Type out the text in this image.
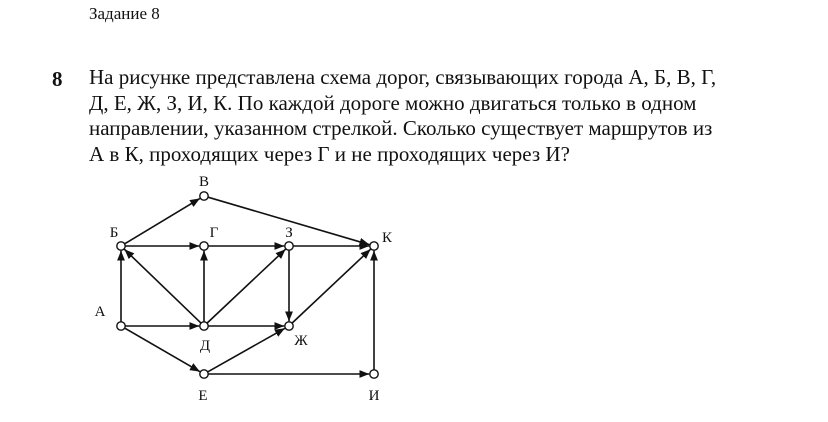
Задание 8
8 На рисунке представлена схема дорог, связывающих города А, Б, В, Г,
Д, Е, Ж, З, И, К. По каждой дороге можно двигаться только в одном
направлении, указанном стрелкой. Сколько существует маршрутов из
А в К, проходящих через Г и не проходящих через И?
А
Б
В
Г
Д
Е
Ж
З
И
К
